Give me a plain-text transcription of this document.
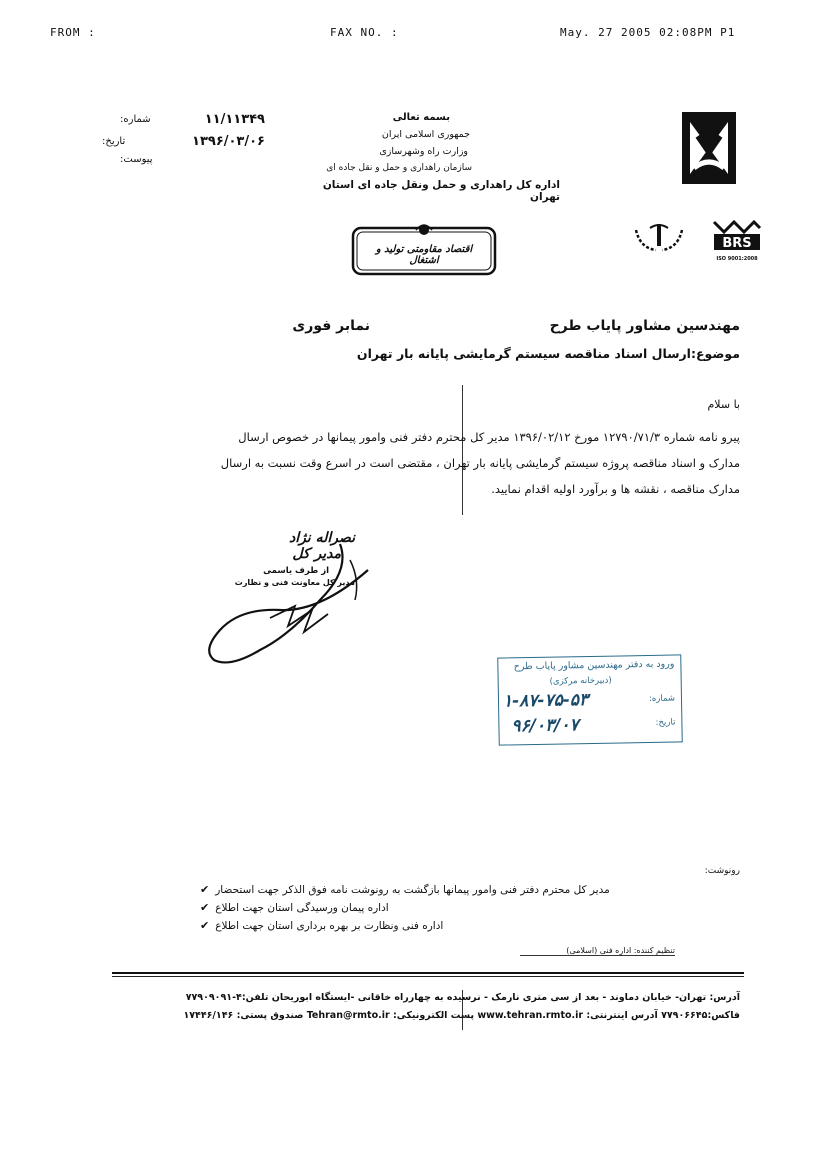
FROM :	FAX NO. :	May. 27 2005 02:08PM P1
۱۱/۱۱۳۴۹
شماره:
۱۳۹۶/۰۳/۰۶
تاریخ:
پیوست:
بسمه تعالی
جمهوری اسلامی ایران
وزارت راه وشهرسازی
سازمان راهداری و حمل و نقل جاده ای
اداره کل راهداری و حمل ونقل جاده ای استان تهران
اقتصاد مقاومتی تولید و اشتغال
BRS
ISO 9001:2008
مهندسین مشاور پایاب طرح
نمابر فوری
موضوع:ارسال اسناد مناقصه سیستم گرمایشی پایانه بار تهران
با سلام
پیرو نامه شماره ۱۲۷۹۰/۷۱/۳ مورخ ۱۳۹۶/۰۲/۱۲ مدیر کل محترم دفتر فنی وامور پیمانها در خصوص ارسال
مدارک و اسناد مناقصه پروژه سیستم گرمایشی پایانه بار تهران ، مقتضی است در اسرع وقت نسبت به ارسال
مدارک مناقصه ، نقشه ها و برآورد اولیه اقدام نمایید.
نصراله نژاد
مدیر کل
از طرف یاسمی
مدیر کل معاونت فنی و نظارت
ورود به دفتر مهندسین مشاور پایاب طرح
(دبیرخانه مرکزی)
شماره:
۱-۸۷-۷۵-۵۳
تاریخ:
۹۶/۰۳/۰۷
رونوشت:
✔ مدیر کل محترم دفتر فنی وامور پیمانها بازگشت به رونوشت نامه فوق الذکر جهت استحضار
✔ اداره پیمان ورسیدگی استان جهت اطلاع
✔ اداره فنی ونظارت بر بهره برداری استان جهت اطلاع
تنظیم کننده: اداره فنی (اسلامی)
آدرس: تهران- خیابان دماوند - بعد از سی متری نارمک - نرسیده به چهارراه خاقانی -ایستگاه ابوریحان تلفن:۴-۷۷۹۰۹۰۹۱
فاکس:۷۷۹۰۶۶۴۵ آدرس اینترنتی: www.tehran.rmto.ir پست الکترونیکی: Tehran@rmto.ir صندوق پستی: ۱۷۴۴۶/۱۴۶
